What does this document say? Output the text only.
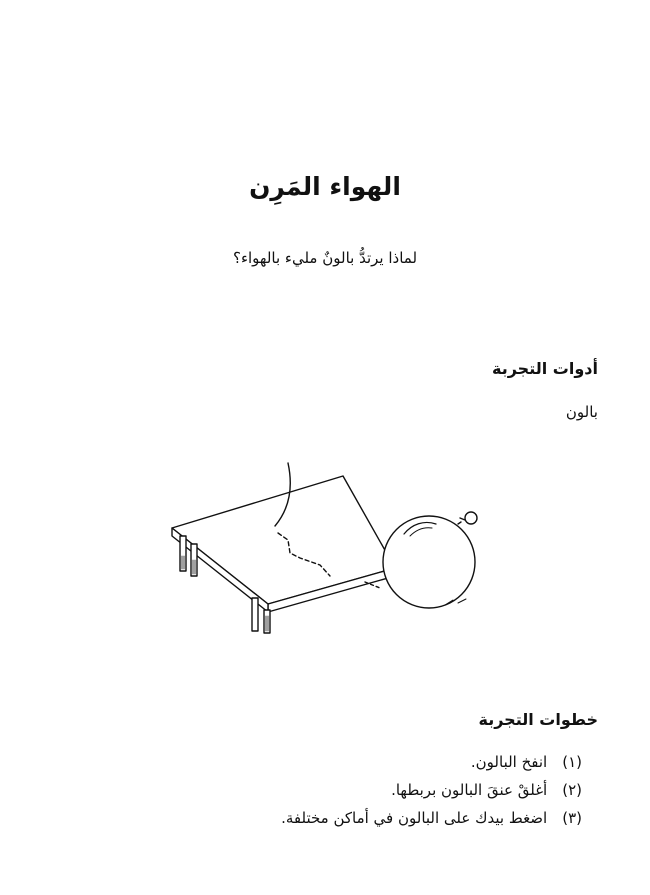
الهواء المَرِن

لماذا يرتدُّ بالونٌ مليء بالهواء؟

أدوات التجربة
بالون
خطوات التجربة
(١) انفخ البالون.
(٢) أغلقْ عنقَ البالون بربطها.
(٣) اضغط بيدك على البالون في أماكن مختلفة.
